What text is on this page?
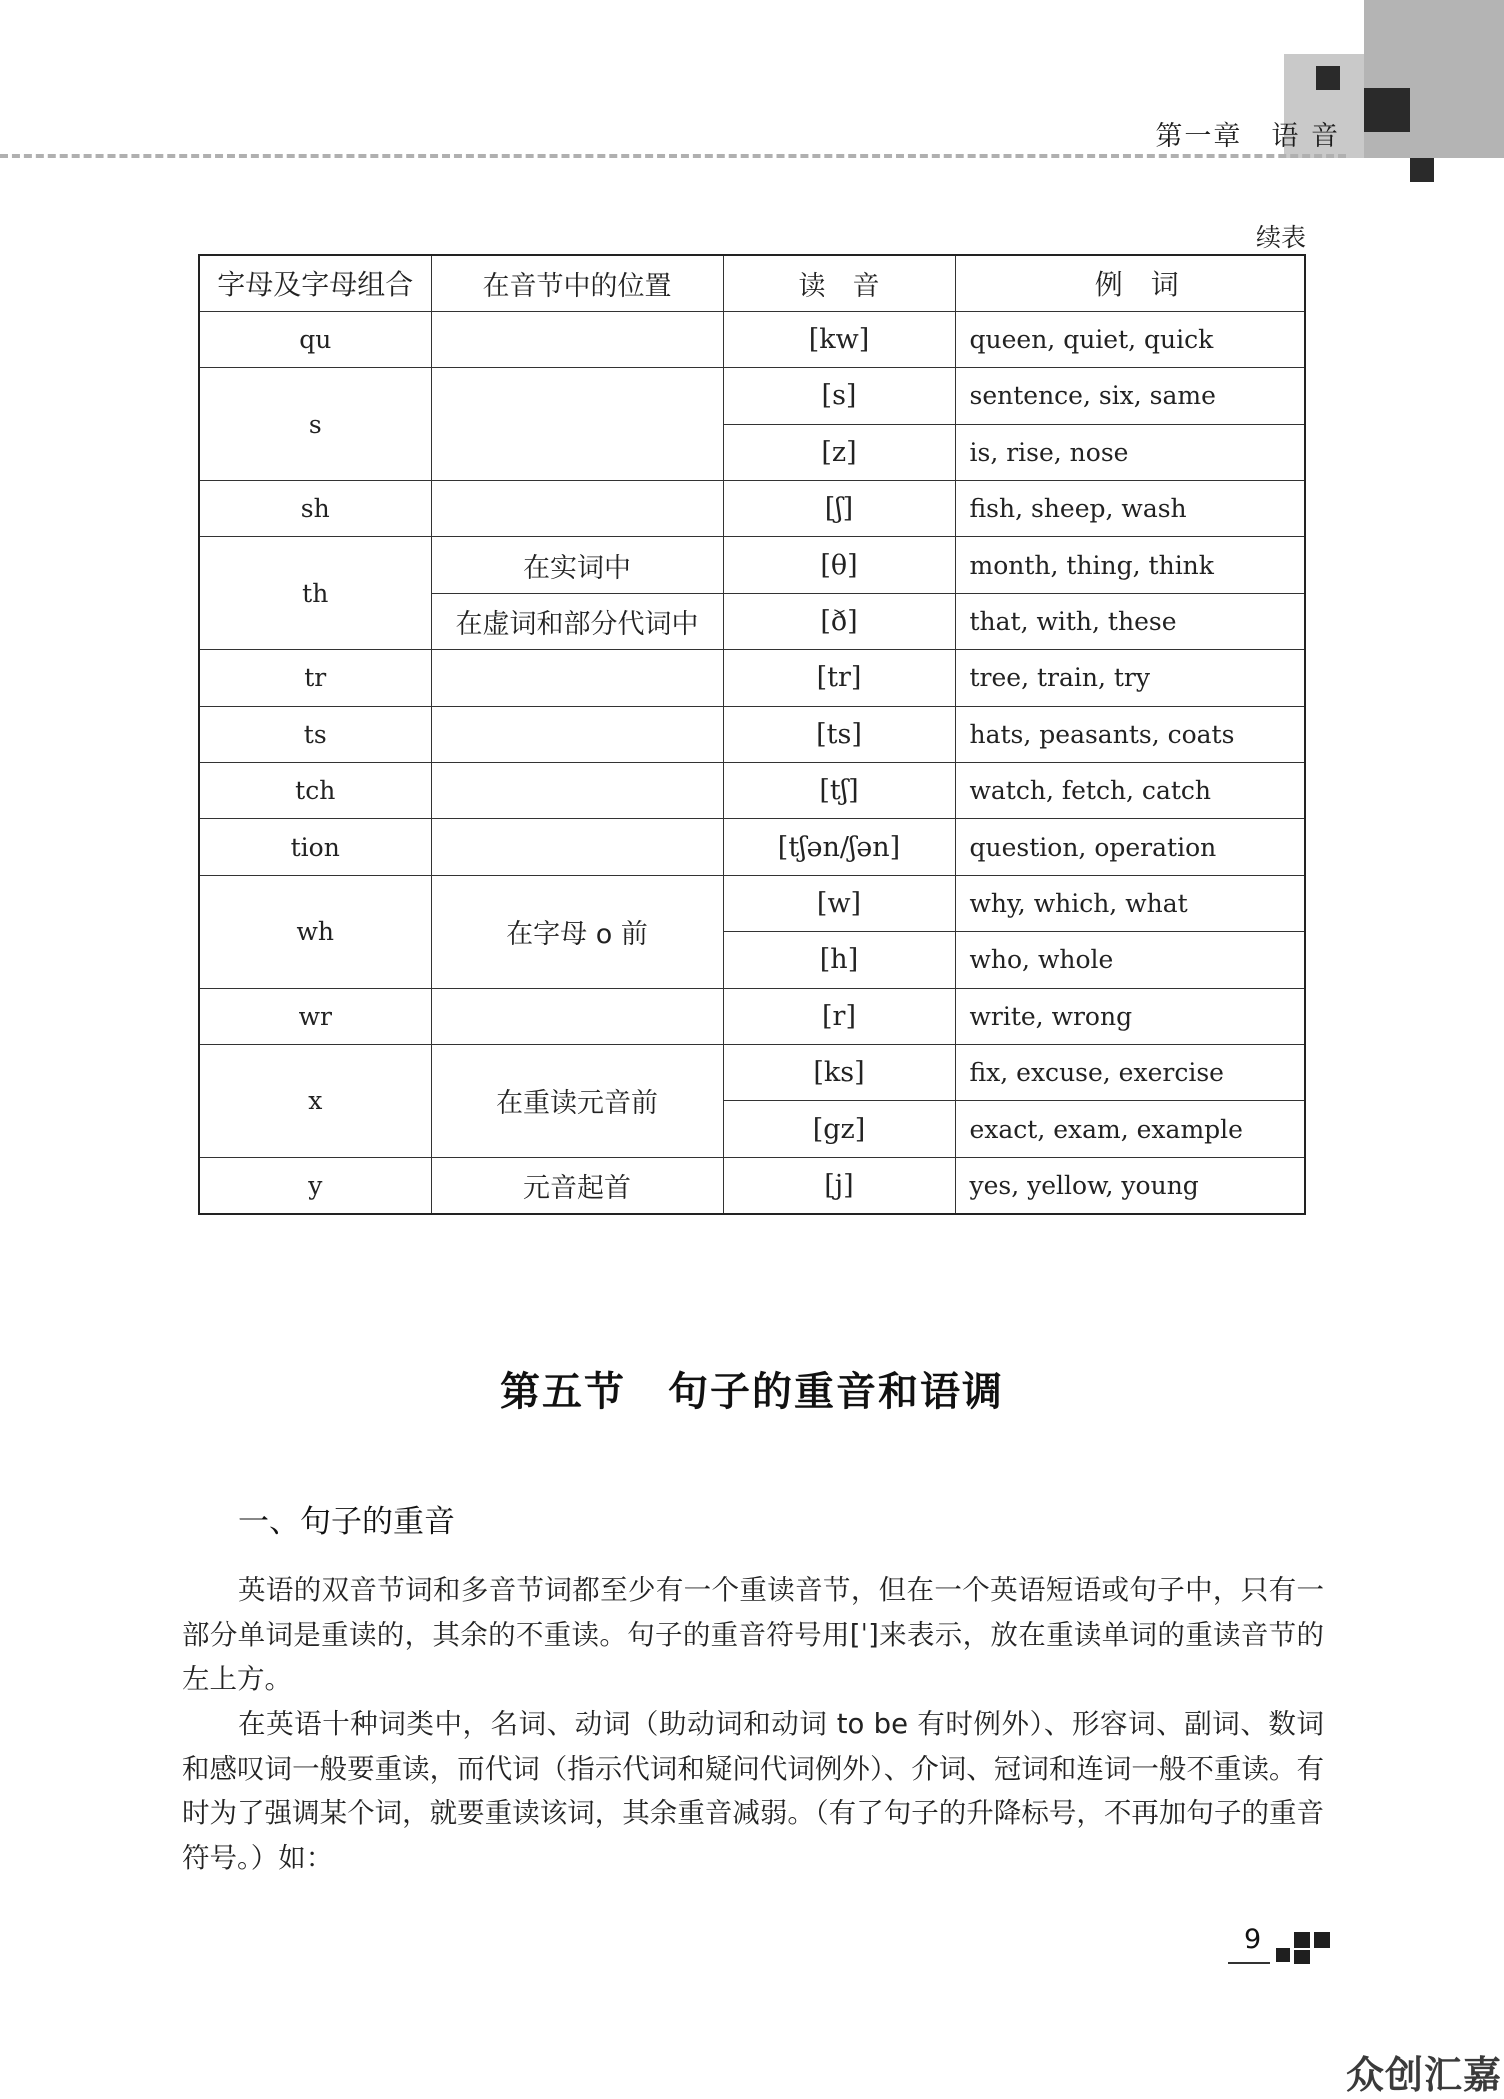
第一章　语 音
续表
字母及字母组合	在音节中的位置	读　音	例　词
qu		[kw]	queen, quiet, quick
s		[s]	sentence, six, same
		[z]	is, rise, nose
sh		[ʃ]	fish, sheep, wash
th	在实词中	[θ]	month, thing, think
	在虚词和部分代词中	[ð]	that, with, these
tr		[tr]	tree, train, try
ts		[ts]	hats, peasants, coats
tch		[tʃ]	watch, fetch, catch
tion		[tʃən/ʃən]	question, operation
wh	在字母 o 前	[w]	why, which, what
		[h]	who, whole
wr		[r]	write, wrong
x	在重读元音前	[ks]	fix, excuse, exercise
		[gz]	exact, exam, example
y	元音起首	[j]	yes, yellow, young
第五节　句子的重音和语调
一、句子的重音
英语的双音节词和多音节词都至少有一个重读音节，但在一个英语短语或句子中，只有一部分单词是重读的，其余的不重读。句子的重音符号用[ˈ]来表示，放在重读单词的重读音节的左上方。
在英语十种词类中，名词、动词（助动词和动词 to be 有时例外）、形容词、副词、数词和感叹词一般要重读，而代词（指示代词和疑问代词例外）、介词、冠词和连词一般不重读。有时为了强调某个词，就要重读该词，其余重音减弱。（有了句子的升降标号，不再加句子的重音符号。）如：
9
众创汇嘉
